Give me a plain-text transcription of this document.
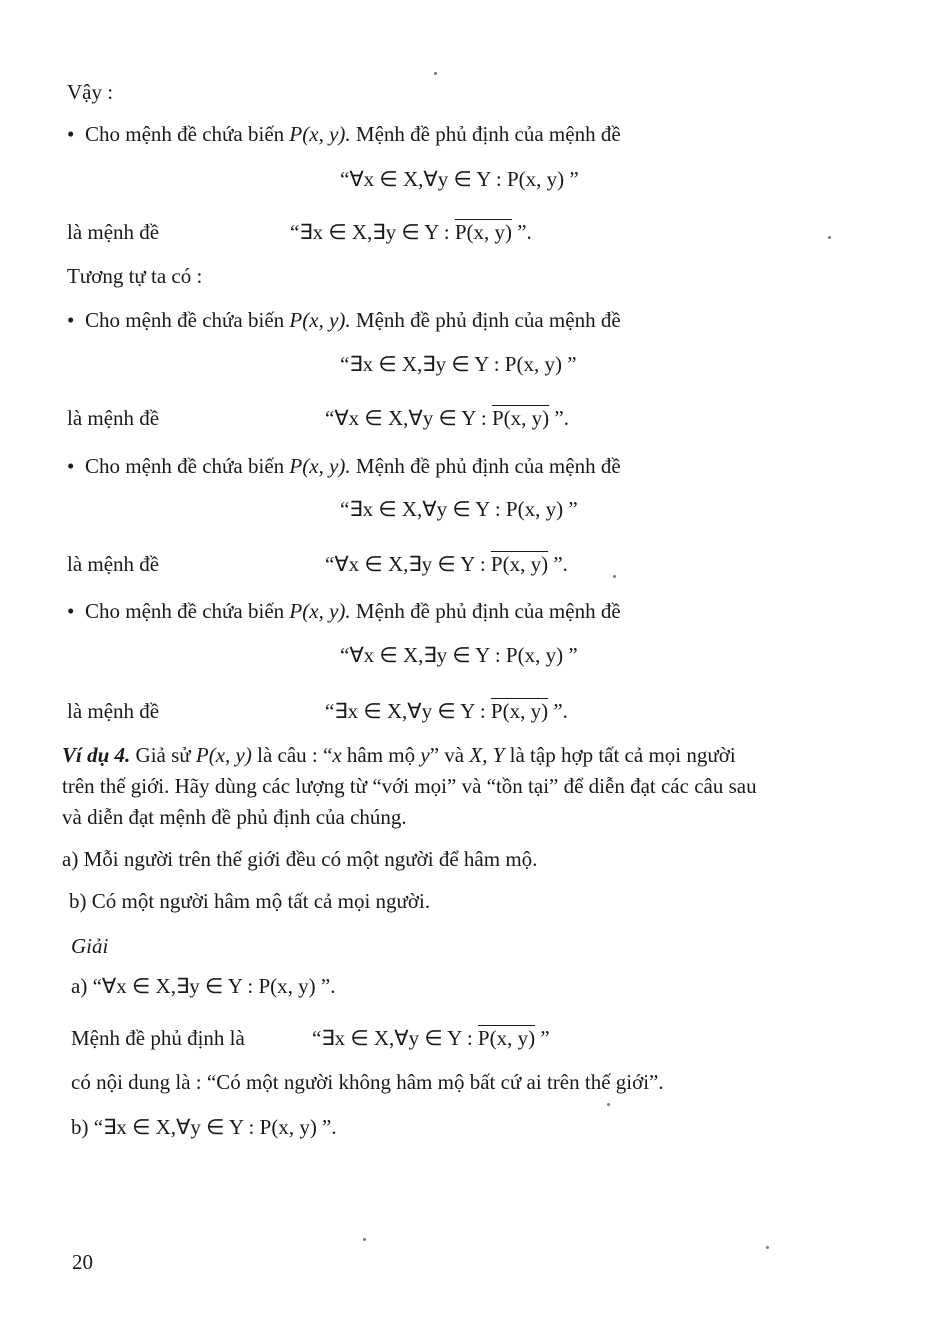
Vậy :
• Cho mệnh đề chứa biến P(x, y). Mệnh đề phủ định của mệnh đề
“∀x ∈ X,∀y ∈ Y : P(x, y) ”
là mệnh đề	“∃x ∈ X,∃y ∈ Y : P(x, y) ”.
Tương tự ta có :
• Cho mệnh đề chứa biến P(x, y). Mệnh đề phủ định của mệnh đề
“∃x ∈ X,∃y ∈ Y : P(x, y) ”
là mệnh đề	“∀x ∈ X,∀y ∈ Y : P(x, y) ”.
• Cho mệnh đề chứa biến P(x, y). Mệnh đề phủ định của mệnh đề
“∃x ∈ X,∀y ∈ Y : P(x, y) ”
là mệnh đề	“∀x ∈ X,∃y ∈ Y : P(x, y) ”.
• Cho mệnh đề chứa biến P(x, y). Mệnh đề phủ định của mệnh đề
“∀x ∈ X,∃y ∈ Y : P(x, y) ”
là mệnh đề	“∃x ∈ X,∀y ∈ Y : P(x, y) ”.
Ví dụ 4. Giả sử P(x, y) là câu : “x hâm mộ y” và X, Y là tập hợp tất cả mọi người
trên thế giới. Hãy dùng các lượng từ “với mọi” và “tồn tại” để diễn đạt các câu sau
và diễn đạt mệnh đề phủ định của chúng.
a) Mỗi người trên thế giới đều có một người để hâm mộ.
b) Có một người hâm mộ tất cả mọi người.
Giải
a) “∀x ∈ X,∃y ∈ Y : P(x, y) ”.
Mệnh đề phủ định là	“∃x ∈ X,∀y ∈ Y : P(x, y) ”
có nội dung là : “Có một người không hâm mộ bất cứ ai trên thế giới”.
b) “∃x ∈ X,∀y ∈ Y : P(x, y) ”.
20
